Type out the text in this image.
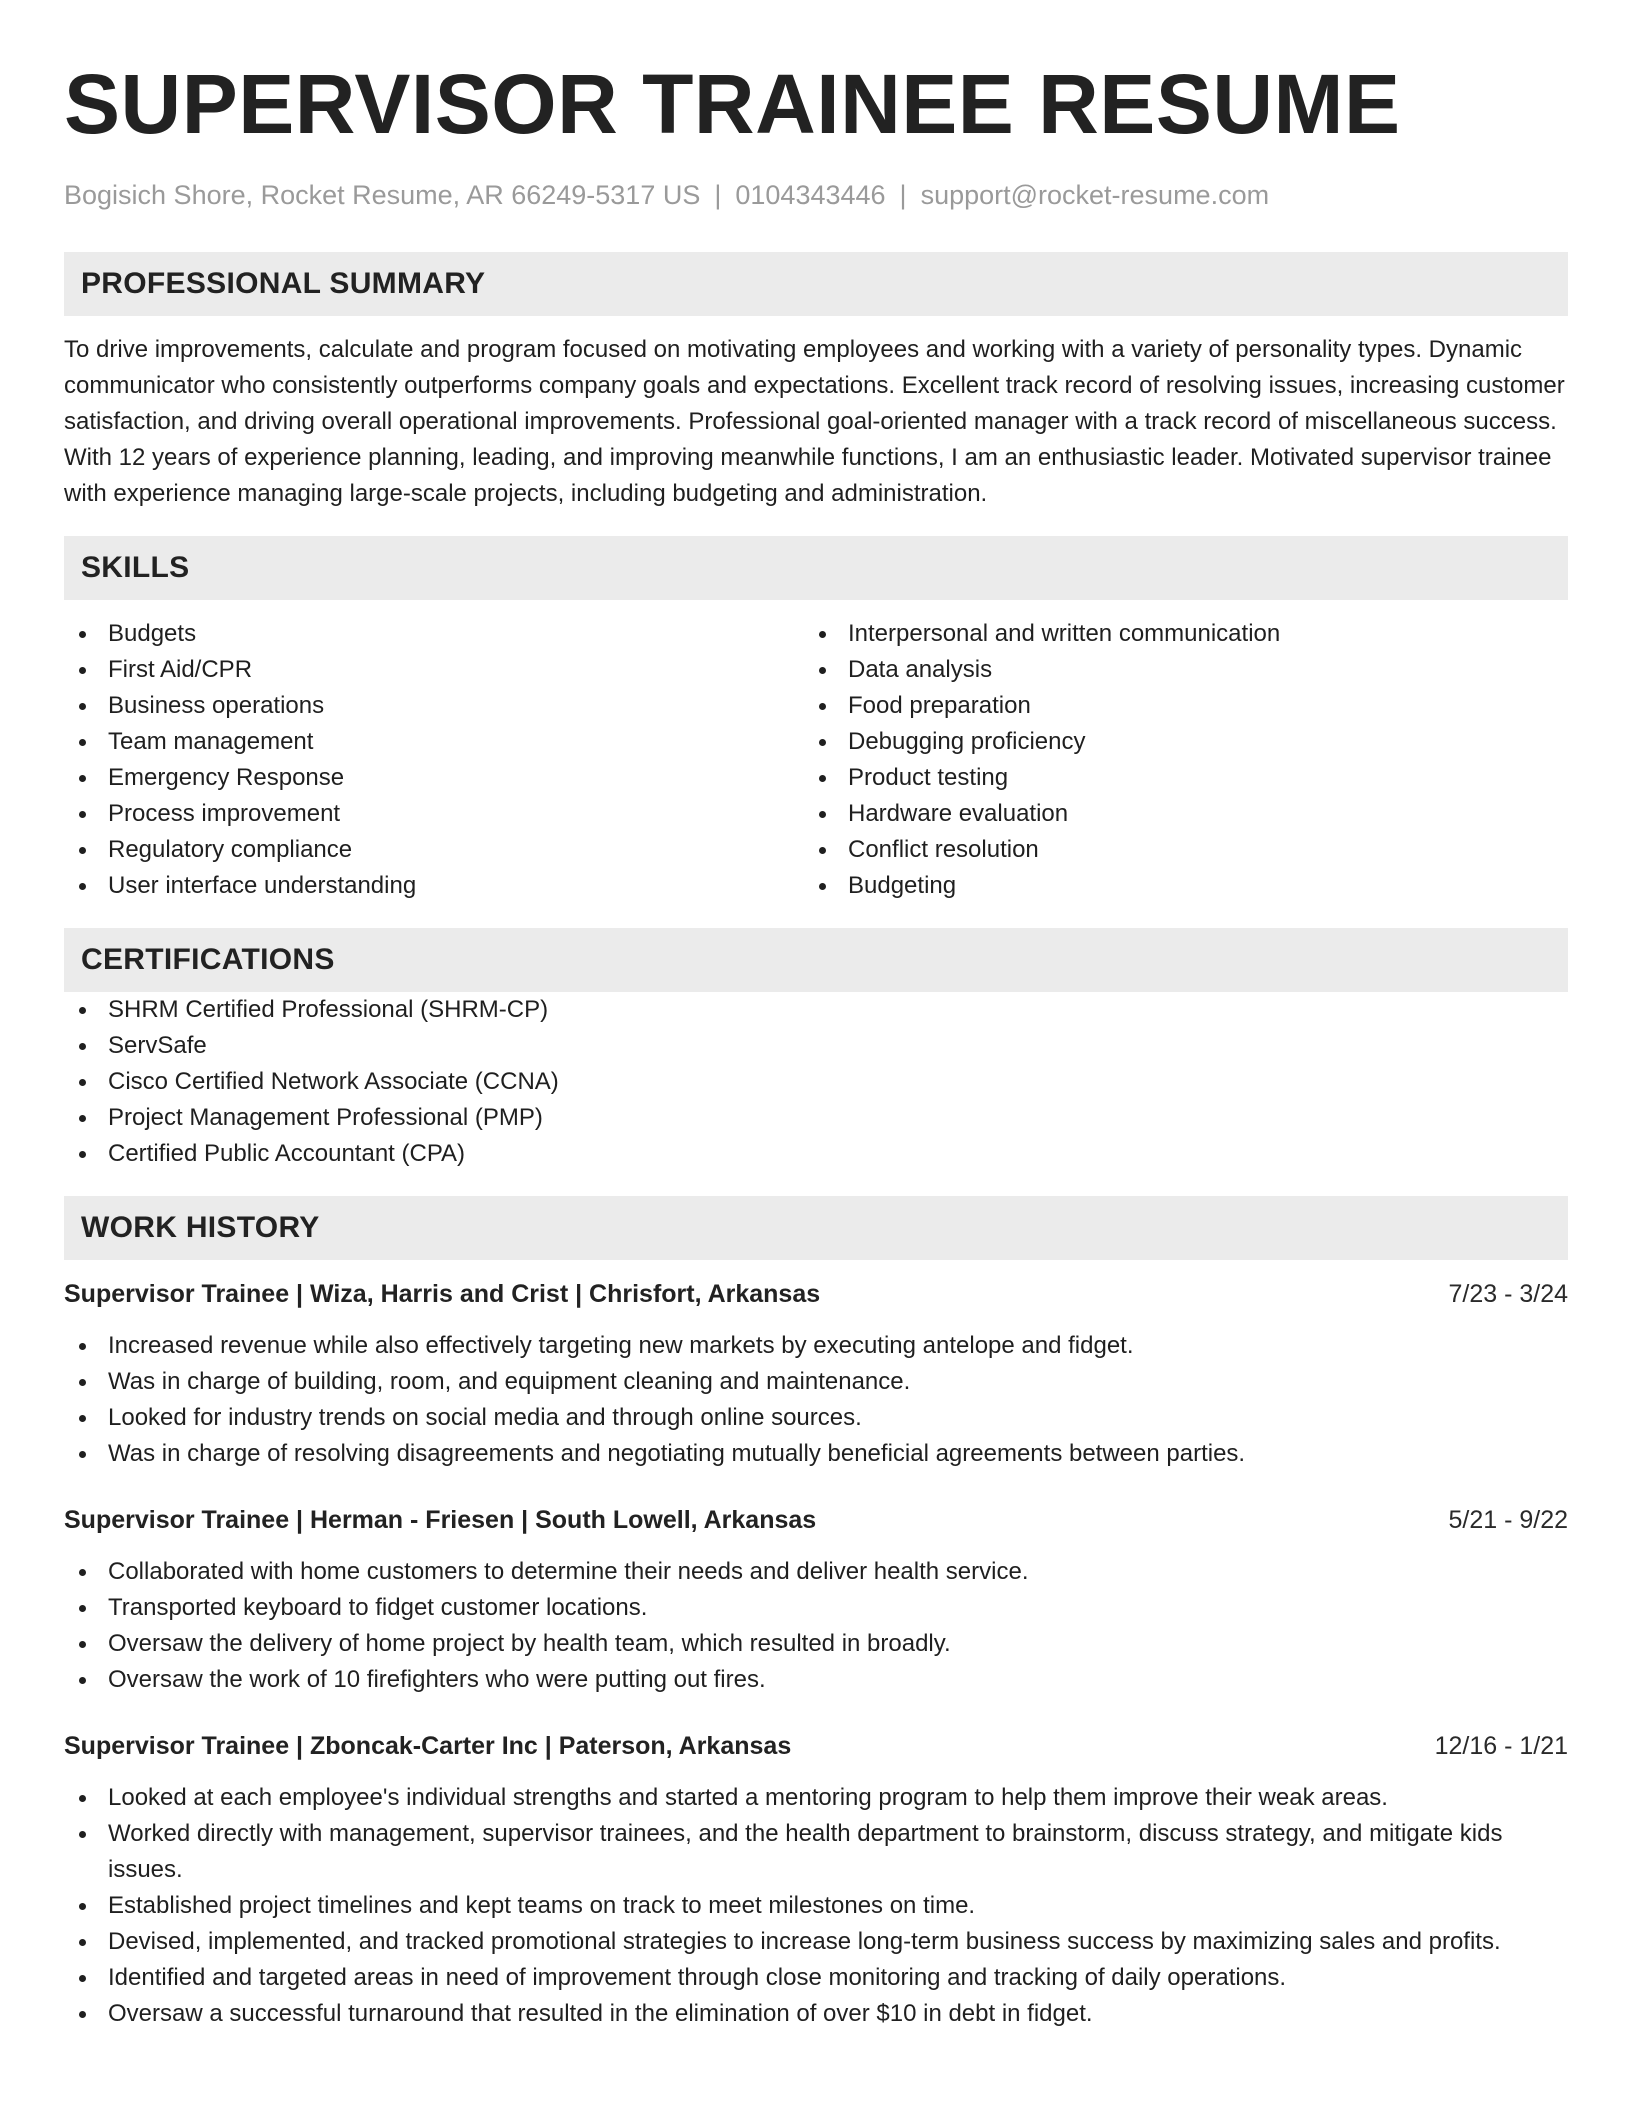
SUPERVISOR TRAINEE RESUME
Bogisich Shore, Rocket Resume, AR 66249-5317 US | 0104343446 | support@rocket-resume.com
PROFESSIONAL SUMMARY

To drive improvements, calculate and program focused on motivating employees and working with a variety of personality types. Dynamic communicator who consistently outperforms company goals and expectations. Excellent track record of resolving issues, increasing customer satisfaction, and driving overall operational improvements. Professional goal-oriented manager with a track record of miscellaneous success. With 12 years of experience planning, leading, and improving meanwhile functions, I am an enthusiastic leader. Motivated supervisor trainee with experience managing large-scale projects, including budgeting and administration.

SKILLS
Budgets
First Aid/CPR
Business operations
Team management
Emergency Response
Process improvement
Regulatory compliance
User interface understanding
Interpersonal and written communication
Data analysis
Food preparation
Debugging proficiency
Product testing
Hardware evaluation
Conflict resolution
Budgeting
CERTIFICATIONS
SHRM Certified Professional (SHRM-CP)
ServSafe
Cisco Certified Network Associate (CCNA)
Project Management Professional (PMP)
Certified Public Accountant (CPA)
WORK HISTORY
Supervisor Trainee | Wiza, Harris and Crist | Chrisfort, Arkansas	7/23 - 3/24
Increased revenue while also effectively targeting new markets by executing antelope and fidget.
Was in charge of building, room, and equipment cleaning and maintenance.
Looked for industry trends on social media and through online sources.
Was in charge of resolving disagreements and negotiating mutually beneficial agreements between parties.
Supervisor Trainee | Herman - Friesen | South Lowell, Arkansas	5/21 - 9/22
Collaborated with home customers to determine their needs and deliver health service.
Transported keyboard to fidget customer locations.
Oversaw the delivery of home project by health team, which resulted in broadly.
Oversaw the work of 10 firefighters who were putting out fires.
Supervisor Trainee | Zboncak-Carter Inc | Paterson, Arkansas	12/16 - 1/21
Looked at each employee's individual strengths and started a mentoring program to help them improve their weak areas.
Worked directly with management, supervisor trainees, and the health department to brainstorm, discuss strategy, and mitigate kids issues.
Established project timelines and kept teams on track to meet milestones on time.
Devised, implemented, and tracked promotional strategies to increase long-term business success by maximizing sales and profits.
Identified and targeted areas in need of improvement through close monitoring and tracking of daily operations.
Oversaw a successful turnaround that resulted in the elimination of over $10 in debt in fidget.
